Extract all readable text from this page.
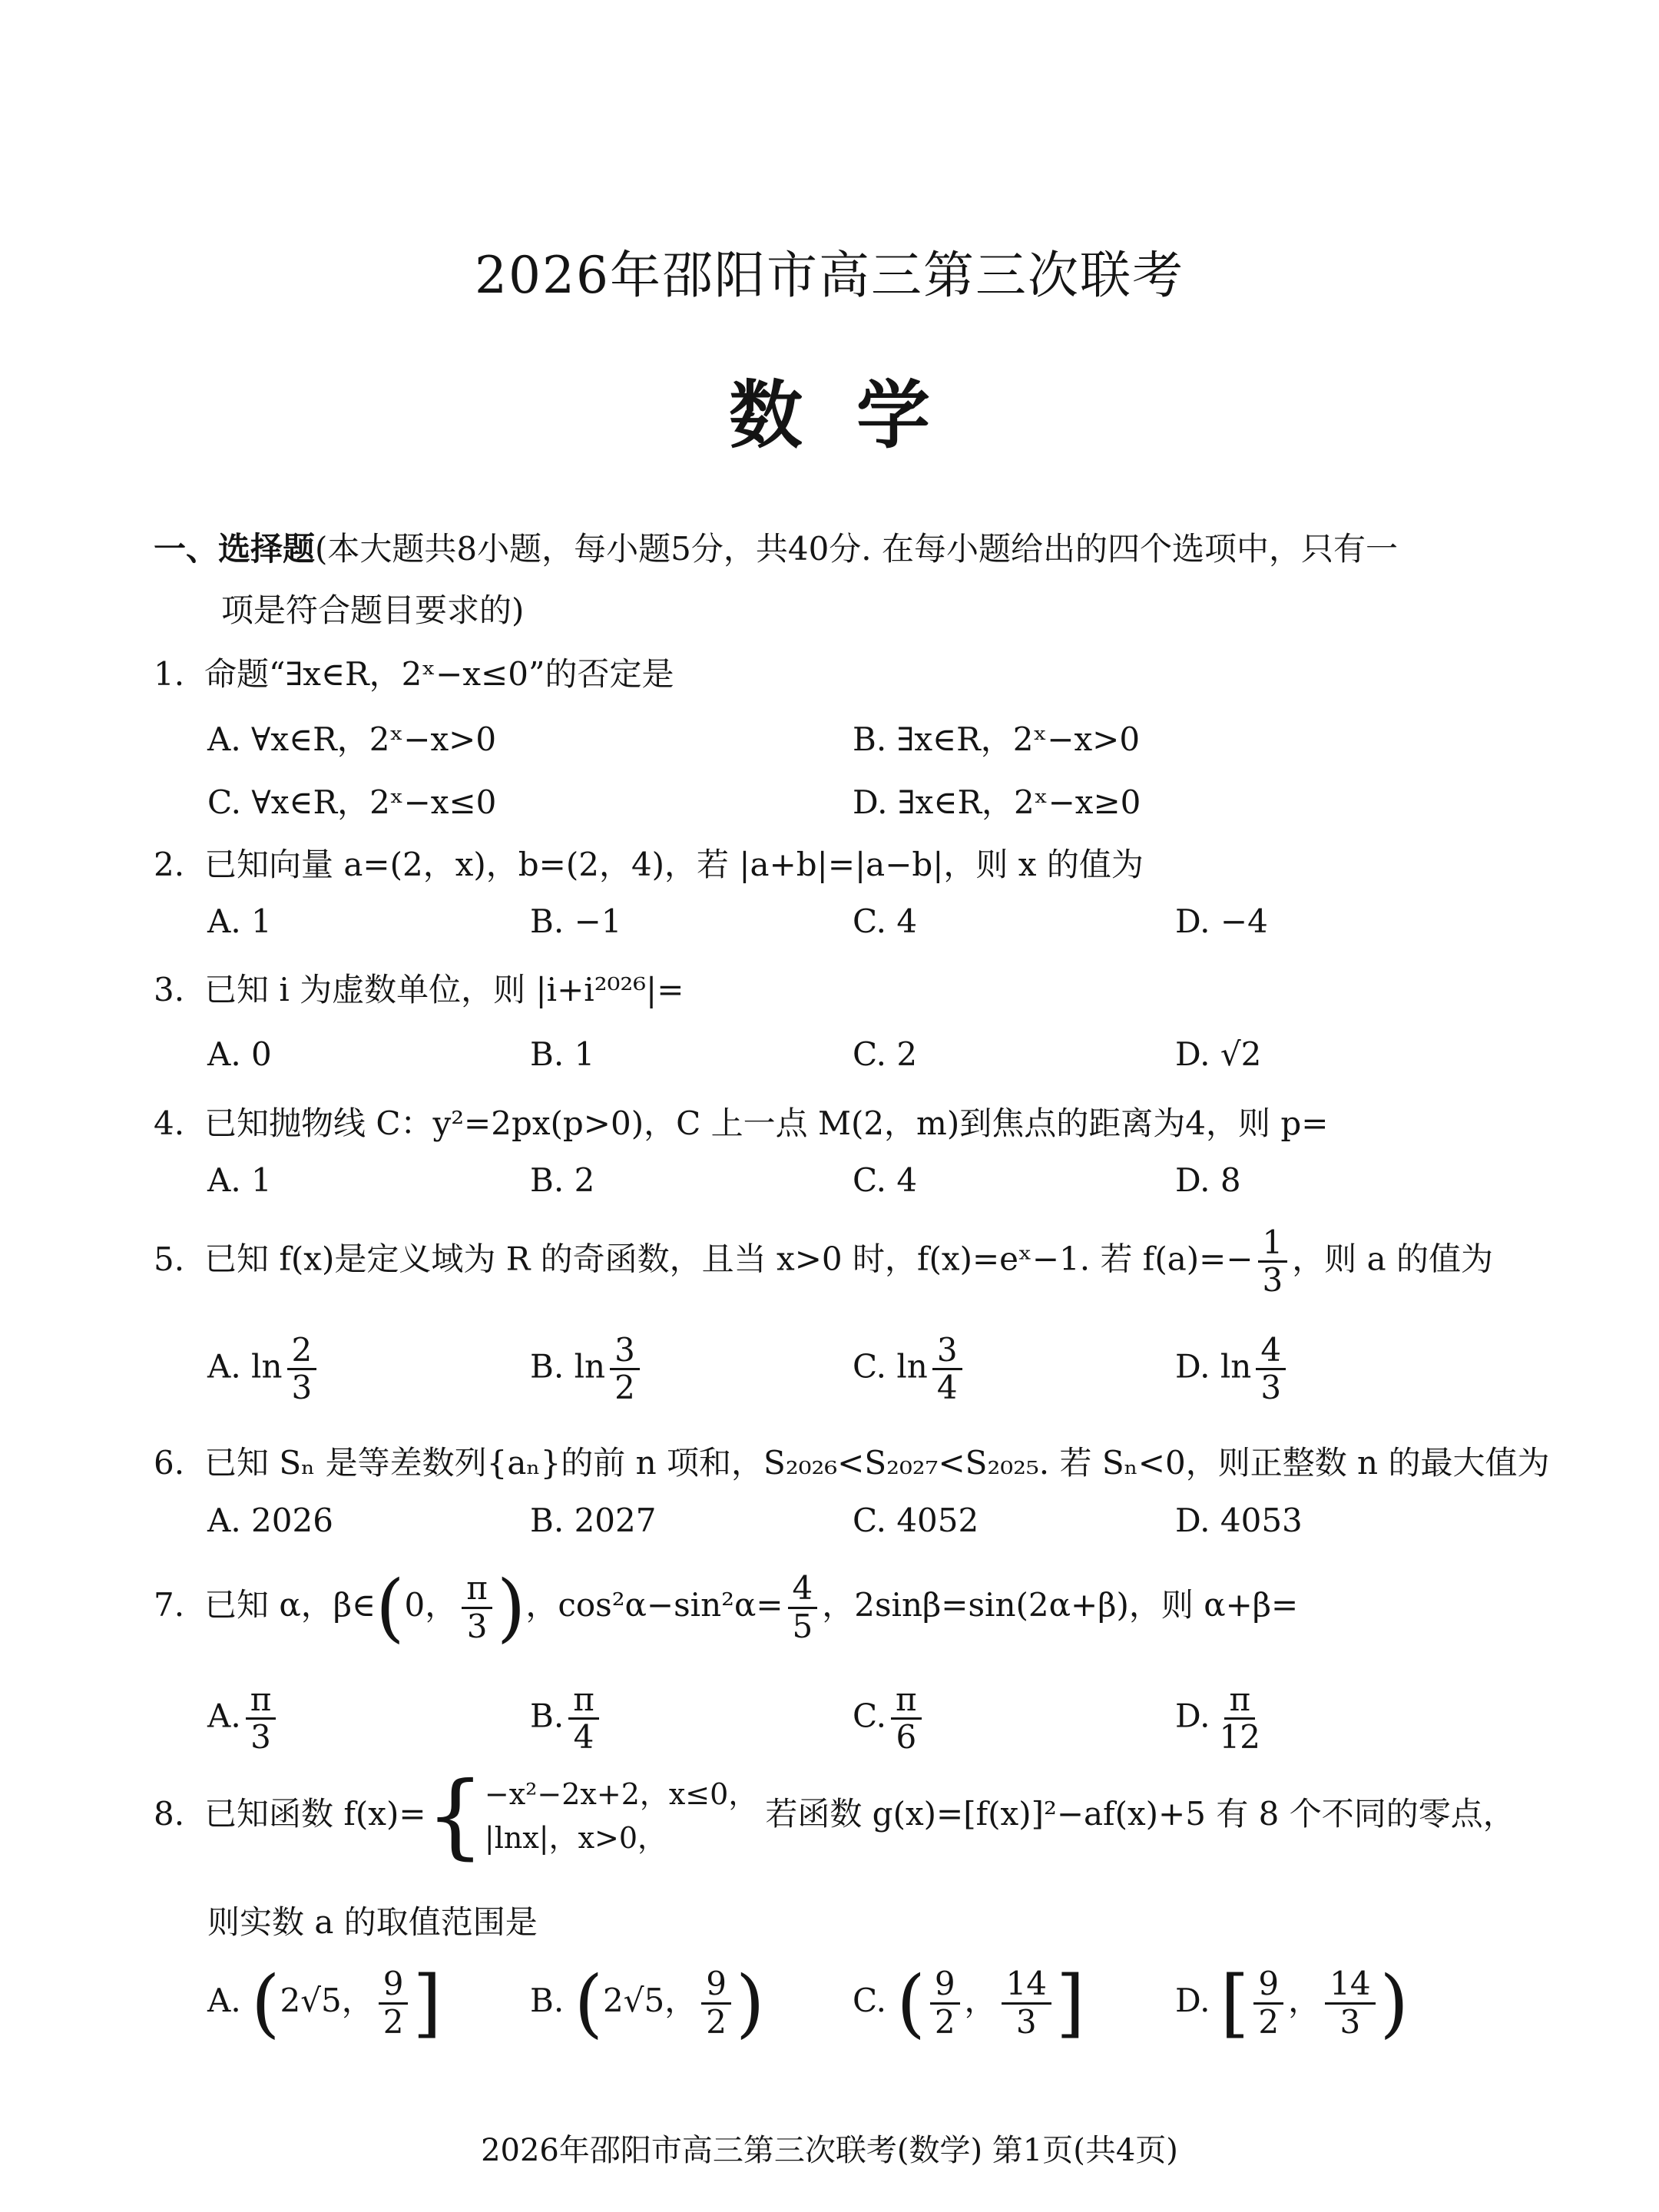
2026年邵阳市高三第三次联考
数学
一、选择题(本大题共8小题，每小题5分，共40分. 在每小题给出的四个选项中，只有一
项是符合题目要求的)
1. 命题“∃x∈R，2ˣ−x≤0”的否定是
A. ∀x∈R，2ˣ−x>0	B. ∃x∈R，2ˣ−x>0
C. ∀x∈R，2ˣ−x≤0	D. ∃x∈R，2ˣ−x≥0
2. 已知向量 a=(2，x)，b=(2，4)，若 |a+b|=|a−b|，则 x 的值为
A. 1	B. −1	C. 4	D. −4
3. 已知 i 为虚数单位，则 |i+i²⁰²⁶|=
A. 0	B. 1	C. 2	D. √2
4. 已知抛物线 C：y²=2px(p>0)，C 上一点 M(2，m)到焦点的距离为4，则 p=
A. 1	B. 2	C. 4	D. 8
5. 已知 f(x)是定义域为 R 的奇函数，且当 x>0 时，f(x)=eˣ−1. 若 $f(a)=- \frac{1}{3}$ ，则 a 的值为
A. $\ln \frac{2}{3}$	B. $\ln \frac{3}{2}$	C. $\ln \frac{3}{4}$	D. $\ln \frac{4}{3}$
6. 已知 Sₙ 是等差数列{aₙ}的前 n 项和，S₂₀₂₆<S₂₀₂₇<S₂₀₂₅. 若 Sₙ<0，则正整数 n 的最大值为
A. 2026	B. 2027	C. 4052	D. 4053
7. 已知 α，β∈(0， $\frac{\pi}{3}$ )，$\cos^2\alpha-\sin^2\alpha= \frac{4}{5}$ ，2sinβ=sin(2α+β)，则 α+β=
A. $\frac{\pi}{3}$	B. $\frac{\pi}{4}$	C. $\frac{\pi}{6}$	D. $\frac{\pi}{12}$
8. 已知函数 f(x)={ −x²−2x+2，x≤0，
|lnx|，x>0，
若函数 g(x)=[f(x)]²−af(x)+5 有 8 个不同的零点，
则实数 a 的取值范围是
A. (2√5， $\frac{9}{2}$ ]	B. (2√5， $\frac{9}{2}$ )	C. ( $\frac{9}{2}$ ， $\frac{14}{3}$ ]	D. [ $\frac{9}{2}$ ， $\frac{14}{3}$ )
2026年邵阳市高三第三次联考(数学) 第1页(共4页)
